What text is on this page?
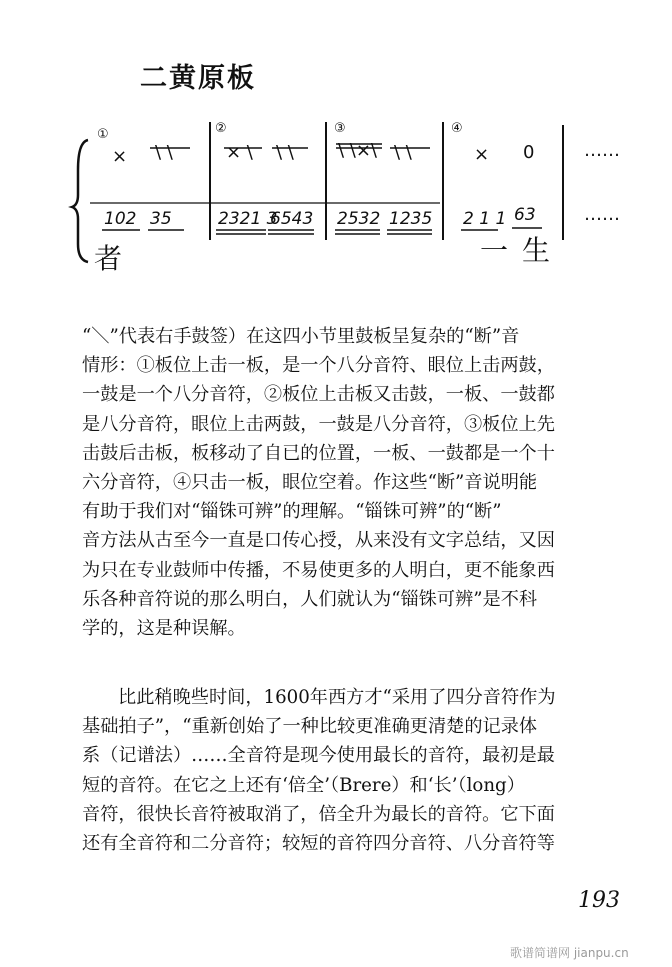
二黄原板
①	②	③	④
× \ \	× \ \ \ \ \×\ \ \	× 0	……
102 35	2321 3
6543 2532 1235 2 1 1 63	……
者	一 生
“＼”代表右手鼓签）在这四小节里鼓板呈复杂的“断”音
情形：①板位上击一板，是一个八分音符、眼位上击两鼓，
一鼓是一个八分音符，②板位上击板又击鼓，一板、一鼓都
是八分音符，眼位上击两鼓，一鼓是八分音符，③板位上先
击鼓后击板，板移动了自已的位置，一板、一鼓都是一个十
六分音符，④只击一板，眼位空着。作这些“断”音说明能
有助于我们对“锱铢可辨”的理解。“锱铢可辨”的“断”
音方法从古至今一直是口传心授，从来没有文字总结，又因
为只在专业鼓师中传播，不易使更多的人明白，更不能象西
乐各种音符说的那么明白，人们就认为“锱铢可辨”是不科
学的，这是种误解。
比此稍晚些时间，1600年西方才“采用了四分音符作为
基础拍子”，“重新创始了一种比较更准确更清楚的记录体
系（记谱法）……全音符是现今使用最长的音符，最初是最
短的音符。在它之上还有‘倍全’（Brere）和‘长’（long）
音符，很快长音符被取消了，倍全升为最长的音符。它下面
还有全音符和二分音符；较短的音符四分音符、八分音符等
193
歌谱简谱网 jianpu.cn
